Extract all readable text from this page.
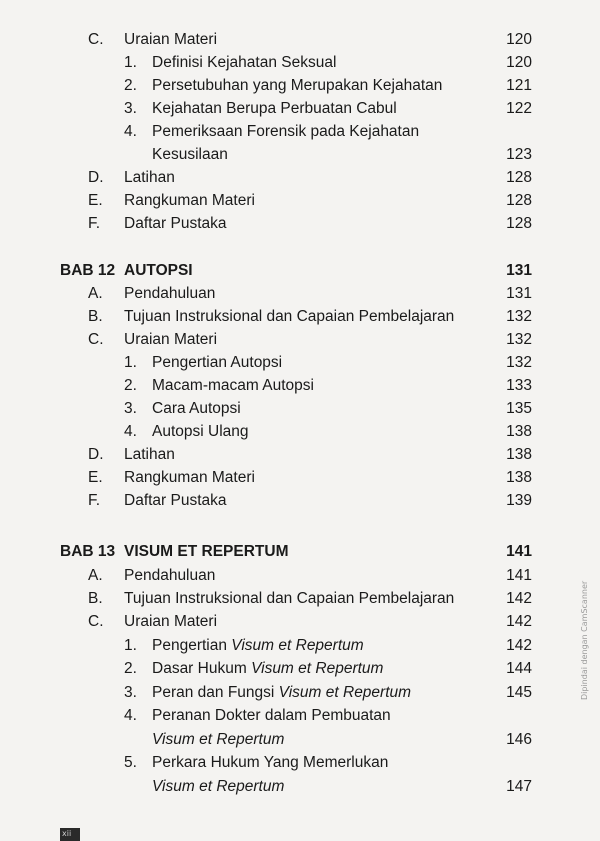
C. Uraian Materi	120
1. Definisi Kejahatan Seksual	120
2. Persetubuhan yang Merupakan Kejahatan	121
3. Kejahatan Berupa Perbuatan Cabul	122
4. Pemeriksaan Forensik pada Kejahatan
Kesusilaan	123
D. Latihan	128
E. Rangkuman Materi	128
F. Daftar Pustaka	128
BAB 12 AUTOPSI	131
A. Pendahuluan	131
B. Tujuan Instruksional dan Capaian Pembelajaran	132
C. Uraian Materi	132
1. Pengertian Autopsi	132
2. Macam-macam Autopsi	133
3. Cara Autopsi	135
4. Autopsi Ulang	138
D. Latihan	138
E. Rangkuman Materi	138
F. Daftar Pustaka	139
BAB 13 VISUM ET REPERTUM	141
A. Pendahuluan	141
B. Tujuan Instruksional dan Capaian Pembelajaran	142
C. Uraian Materi	142
1. Pengertian Visum et Repertum	142
2. Dasar Hukum Visum et Repertum	144
3. Peran dan Fungsi Visum et Repertum	145
4. Peranan Dokter dalam Pembuatan
Visum et Repertum	146
5. Perkara Hukum Yang Memerlukan
Visum et Repertum	147
Dipindai dengan CamScanner
xii
